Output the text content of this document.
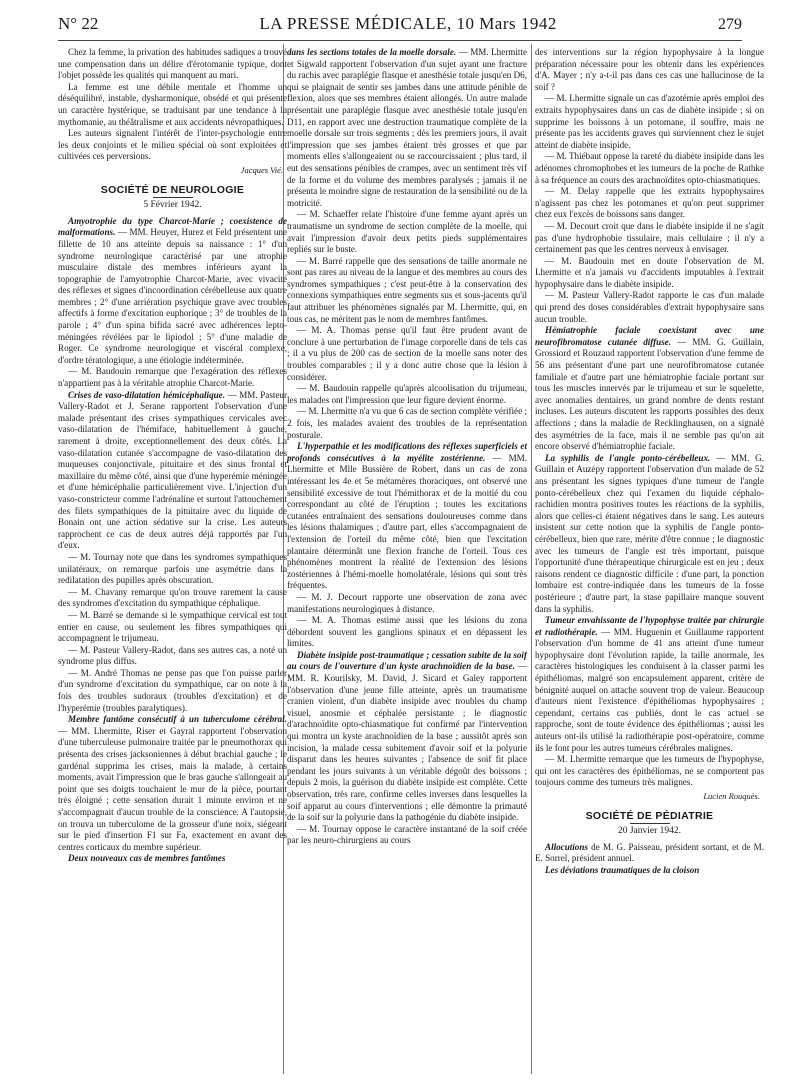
N° 22	LA PRESSE MÉDICALE, 10 Mars 1942	279

Chez la femme, la privation des habitudes sadiques a trouvé une compensation dans un délire d'érotomanie typique, dont l'objet possède les qualités qui manquent au mari.

La femme est une débile mentale et l'homme un déséquilibré, instable, dysharmonique, obsédé et qui présente un caractère hystérique, se traduisant par une tendance à la mythomanie, au théâtralisme et aux accidents névropathiques.

Les auteurs signalent l'intérêt de l'inter-psychologie entre les deux conjoints et le milieu spécial où sont exploitées et cultivées ces perversions.

Jacques Vié.
SOCIÉTÉ DE NEUROLOGIE
5 Février 1942.

Amyotrophie du type Charcot-Marie ; coexistence de malformations. — MM. Heuyer, Hurez et Feld présentent une fillette de 10 ans atteinte depuis sa naissance : 1° d'un syndrome neurologique caractérisé par une atrophie musculaire distale des membres inférieurs ayant la topographie de l'amyotrophie Charcot-Marie, avec vivacité des réflexes et signes d'incoordination cérébelleuse aux quatre membres ; 2° d'une arriération psychique grave avec troubles affectifs à forme d'excitation euphorique ; 3° de troubles de la parole ; 4° d'un spina bifida sacré avec adhérences lepto-méningées révélées par le lipiodol ; 5° d'une maladie de Roger. Ce syndrome neurologique et viscéral complexe, d'ordre tératologique, a une étiologie indéterminée.

— M. Baudouin remarque que l'exagération des réflexes n'appartient pas à la véritable atrophie Charcot-Marie.

Crises de vaso-dilatation hémicéphalique. — MM. Pasteur Vallery-Radot et J. Serane rapportent l'observation d'une malade présentant des crises sympathiques cervicales avec vaso-dilatation de l'hémiface, habituellement à gauche, rarement à droite, exceptionnellement des deux côtés. La vaso-dilatation cutanée s'accompagne de vaso-dilatation des muqueuses conjonctivale, pituitaire et des sinus frontal et maxillaire du même côté, ainsi que d'une hyperémie méningée et d'une hémicéphalie particulièrement vive. L'injection d'un vaso-constricteur comme l'adrénaline et surtout l'attouchement des filets sympathiques de la pituitaire avec du liquide de Bonain ont une action sédative sur la crise. Les auteurs rapprochent ce cas de deux autres déjà rapportés par l'un d'eux.

— M. Tournay note que dans les syndromes sympathiques unilatéraux, on remarque parfois une asymétrie dans la redilatation des pupilles après obscuration.

— M. Chavany remarque qu'on trouve rarement la cause des syndromes d'excitation du sympathique céphalique.

— M. Barré se demande si le sympathique cervical est tout entier en cause, ou seulement les fibres sympathiques qui accompagnent le trijumeau.

— M. Pasteur Vallery-Radot, dans ses autres cas, a noté un syndrome plus diffus.

— M. André Thomas ne pense pas que l'on puisse parler d'un syndrome d'excitation du sympathique, car on note à la fois des troubles sudoraux (troubles d'excitation) et de l'hyperémie (troubles paralytiques).

Membre fantôme consécutif à un tuberculome cérébral. — MM. Lhermitte, Riser et Gayral rapportent l'observation d'une tuberculeuse pulmonaire traitée par le pneumothorax qui présenta des crises jacksoniennes à début brachial gauche ; le gardénal supprima les crises, mais la malade, à certains moments, avait l'impression que le bras gauche s'allongeait au point que ses doigts touchaient le mur de la pièce, pourtant très éloigné ; cette sensation durait 1 minute environ et ne s'accompagnait d'aucun trouble de la conscience. A l'autopsie, on trouva un tuberculome de la grosseur d'une noix, siégeant sur le pied d'insertion F1 sur Fa, exactement en avant des centres corticaux du membre supérieur.

Deux nouveaux cas de membres fantômes

dans les sections totales de la moelle dorsale. — MM. Lhermitte et Sigwald rapportent l'observation d'un sujet ayant une fracture du rachis avec paraplégie flasque et anesthésie totale jusqu'en D6, qui se plaignait de sentir ses jambes dans une attitude pénible de flexion, alors que ses membres étaient allongés. Un autre malade présentait une paraplégie flasque avec anesthésie totale jusqu'en D11, en rapport avec une destruction traumatique complète de la moelle dorsale sur trois segments ; dès les premiers jours, il avait l'impression que ses jambes étaient très grosses et que par moments elles s'allongeaient ou se raccourcissaient ; plus tard, il eut des sensations pénibles de crampes, avec un sentiment très vif de la forme et du volume des membres paralysés ; jamais il ne présenta le moindre signe de restauration de la sensibilité ou de la motricité.

— M. Schaeffer relate l'histoire d'une femme ayant après un traumatisme un syndrome de section complète de la moelle, qui avait l'impression d'avoir deux petits pieds supplémentaires repliés sur le buste.

— M. Barré rappelle que des sensations de taille anormale ne sont pas rares au niveau de la langue et des membres au cours des syndromes sympathiques ; c'est peut-être à la conservation des connexions sympathiques entre segments sus et sous-jacents qu'il faut attribuer les phénomènes signalés par M. Lhermitte, qui, en tous cas, ne méritent pas le nom de membres fantômes.

— M. A. Thomas pense qu'il faut être prudent avant de conclure à une perturbation de l'image corporelle dans de tels cas ; il a vu plus de 200 cas de section de la moelle sans noter des troubles comparables ; il y a donc autre chose que la lésion à considérer.

— M. Baudouin rappelle qu'après alcoolisation du trijumeau, les malades ont l'impression que leur figure devient énorme.

— M. Lhermitte n'a vu que 6 cas de section complète vérifiée ; 2 fois, les malades avaient des troubles de la représentation posturale.

L'hyperpathie et les modifications des réflexes superficiels et profonds consécutives à la myélite zostérienne. — MM. Lhermitte et Mlle Bussière de Robert, dans un cas de zona intéressant les 4e et 5e métamères thoraciques, ont observé une sensibilité excessive de tout l'hémithorax et de la moitié du cou correspondant au côté de l'éruption ; toutes les excitations cutanées entraînaient des sensations douloureuses comme dans les lésions thalamiques ; d'autre part, elles s'accompagnaient de l'extension de l'orteil du même côté, bien que l'excitation plantaire déterminât une flexion franche de l'orteil. Tous ces phénomènes montrent la réalité de l'extension des lésions zostériennes à l'hémi-moelle homolatérale, lésions qui sont très fréquentes.

— M. J. Decourt rapporte une observation de zona avec manifestations neurologiques à distance.

— M. A. Thomas estime aussi que les lésions du zona débordent souvent les ganglions spinaux et en dépassent les limites.

Diabète insipide post-traumatique ; cessation subite de la soif au cours de l'ouverture d'un kyste arachnoïdien de la base. — MM. R. Kourilsky, M. David, J. Sicard et Galey rapportent l'observation d'une jeune fille atteinte, après un traumatisme cranien violent, d'un diabète insipide avec troubles du champ visuel, anosmie et céphalée persistante ; le diagnostic d'arachnoïdite opto-chiasmatique fut confirmé par l'intervention qui montra un kyste arachnoïdien de la base ; aussitôt après son incision, la malade cessa subitement d'avoir soif et la polyurie disparut dans les heures suivantes ; l'absence de soif fit place pendant les jours suivants à un véritable dégoût des boissons ; depuis 2 mois, la guérison du diabète insipide est complète. Cette observation, très rare, confirme celles inverses dans lesquelles la soif apparut au cours d'interventions ; elle démontre la primauté de la soif sur la polyurie dans la pathogénie du diabète insipide.

— M. Tournay oppose le caractère instantané de la soif créée par les neuro-chirurgiens au cours

des interventions sur la région hypophysaire à la longue préparation nécessaire pour les obtenir dans les expériences d'A. Mayer ; n'y a-t-il pas dans ces cas une hallucinose de la soif ?

— M. Lhermitte signale un cas d'azotémie après emploi des extraits hypophysaires dans un cas de diabète insipide ; si on supprime les boissons à un potomane, il souffre, mais ne présente pas les accidents graves qui surviennent chez le sujet atteint de diabète insipide.

— M. Thiébaut oppose la rareté du diabète insipide dans les adénomes chromophobes et les tumeurs de la poche de Rathke à sa fréquence au cours des arachnoïdites opto-chiasmatiques.

— M. Delay rappelle que les extraits hypophysaires n'agissent pas chez les potomanes et qu'on peut supprimer chez eux l'excès de boissons sans danger.

— M. Decourt croit que dans le diabète insipide il ne s'agit pas d'une hydrophobie tissulaire, mais cellulaire ; il n'y a certainement pas que les centres nerveux à envisager.

— M. Baudouin met en doute l'observation de M. Lhermitte et n'a jamais vu d'accidents imputables à l'extrait hypophysaire dans le diabète insipide.

— M. Pasteur Vallery-Radot rapporte le cas d'un malade qui prend des doses considérables d'extrait hypophysaire sans aucun trouble.

Hémiatrophie faciale coexistant avec une neurofibromatose cutanée diffuse. — MM. G. Guillain, Grossiord et Rouzaud rapportent l'observation d'une femme de 56 ans présentant d'une part une neurofibromatose cutanée familiale et d'autre part une hémiatrophie faciale portant sur tous les muscles innervés par le trijumeau et sur le squelette, avec anomalies dentaires, un grand nombre de dents restant incluses. Les auteurs discutent les rapports possibles des deux affections ; dans la maladie de Recklinghausen, on a signalé des asymétries de la face, mais il ne semble pas qu'on ait encore observé d'hémiatrophie faciale.

La syphilis de l'angle ponto-cérébelleux. — MM. G. Guillain et Auzépy rapportent l'observation d'un malade de 52 ans présentant les signes typiques d'une tumeur de l'angle ponto-cérébelleux chez qui l'examen du liquide céphalo-rachidien montra positives toutes les réactions de la syphilis, alors que celles-ci étaient négatives dans le sang. Les auteurs insistent sur cette notion que la syphilis de l'angle ponto-cérébelleux, bien que rare, mérite d'être connue ; le diagnostic avec les tumeurs de l'angle est très important, puisque l'opportunité d'une thérapeutique chirurgicale est en jeu ; deux raisons rendent ce diagnostic difficile : d'une part, la ponction lombaire est contre-indiquée dans les tumeurs de la fosse postérieure ; d'autre part, la stase papillaire manque souvent dans la syphilis.

Tumeur envahissante de l'hypophyse traitée par chirurgie et radiothérapie. — MM. Huguenin et Guillaume rapportent l'observation d'un homme de 41 ans atteint d'une tumeur hypophysaire dont l'évolution rapide, la taille anormale, les caractères histologiques les conduisent à la classer parmi les épithéliomas, malgré son encapsulement apparent, critère de bénignité auquel on attache souvent trop de valeur. Beaucoup d'auteurs nient l'existence d'épithéliomas hypophysaires ; cependant, certains cas publiés, dont le cas actuel se rapproche, sont de toute évidence des épithéliomas ; aussi les auteurs ont-ils utilisé la radiothérapie post-opératoire, comme ils le font pour les autres tumeurs cérébrales malignes.

— M. Lhermitte remarque que les tumeurs de l'hypophyse, qui ont les caractères des épithéliomas, ne se comportent pas toujours comme des tumeurs très malignes.

Lucien Rouquès.
SOCIÉTÉ DE PÉDIATRIE
20 Janvier 1942.

Allocutions de M. G. Paisseau, président sortant, et de M. E. Sorrel, président annuel.

Les déviations traumatiques de la cloison
